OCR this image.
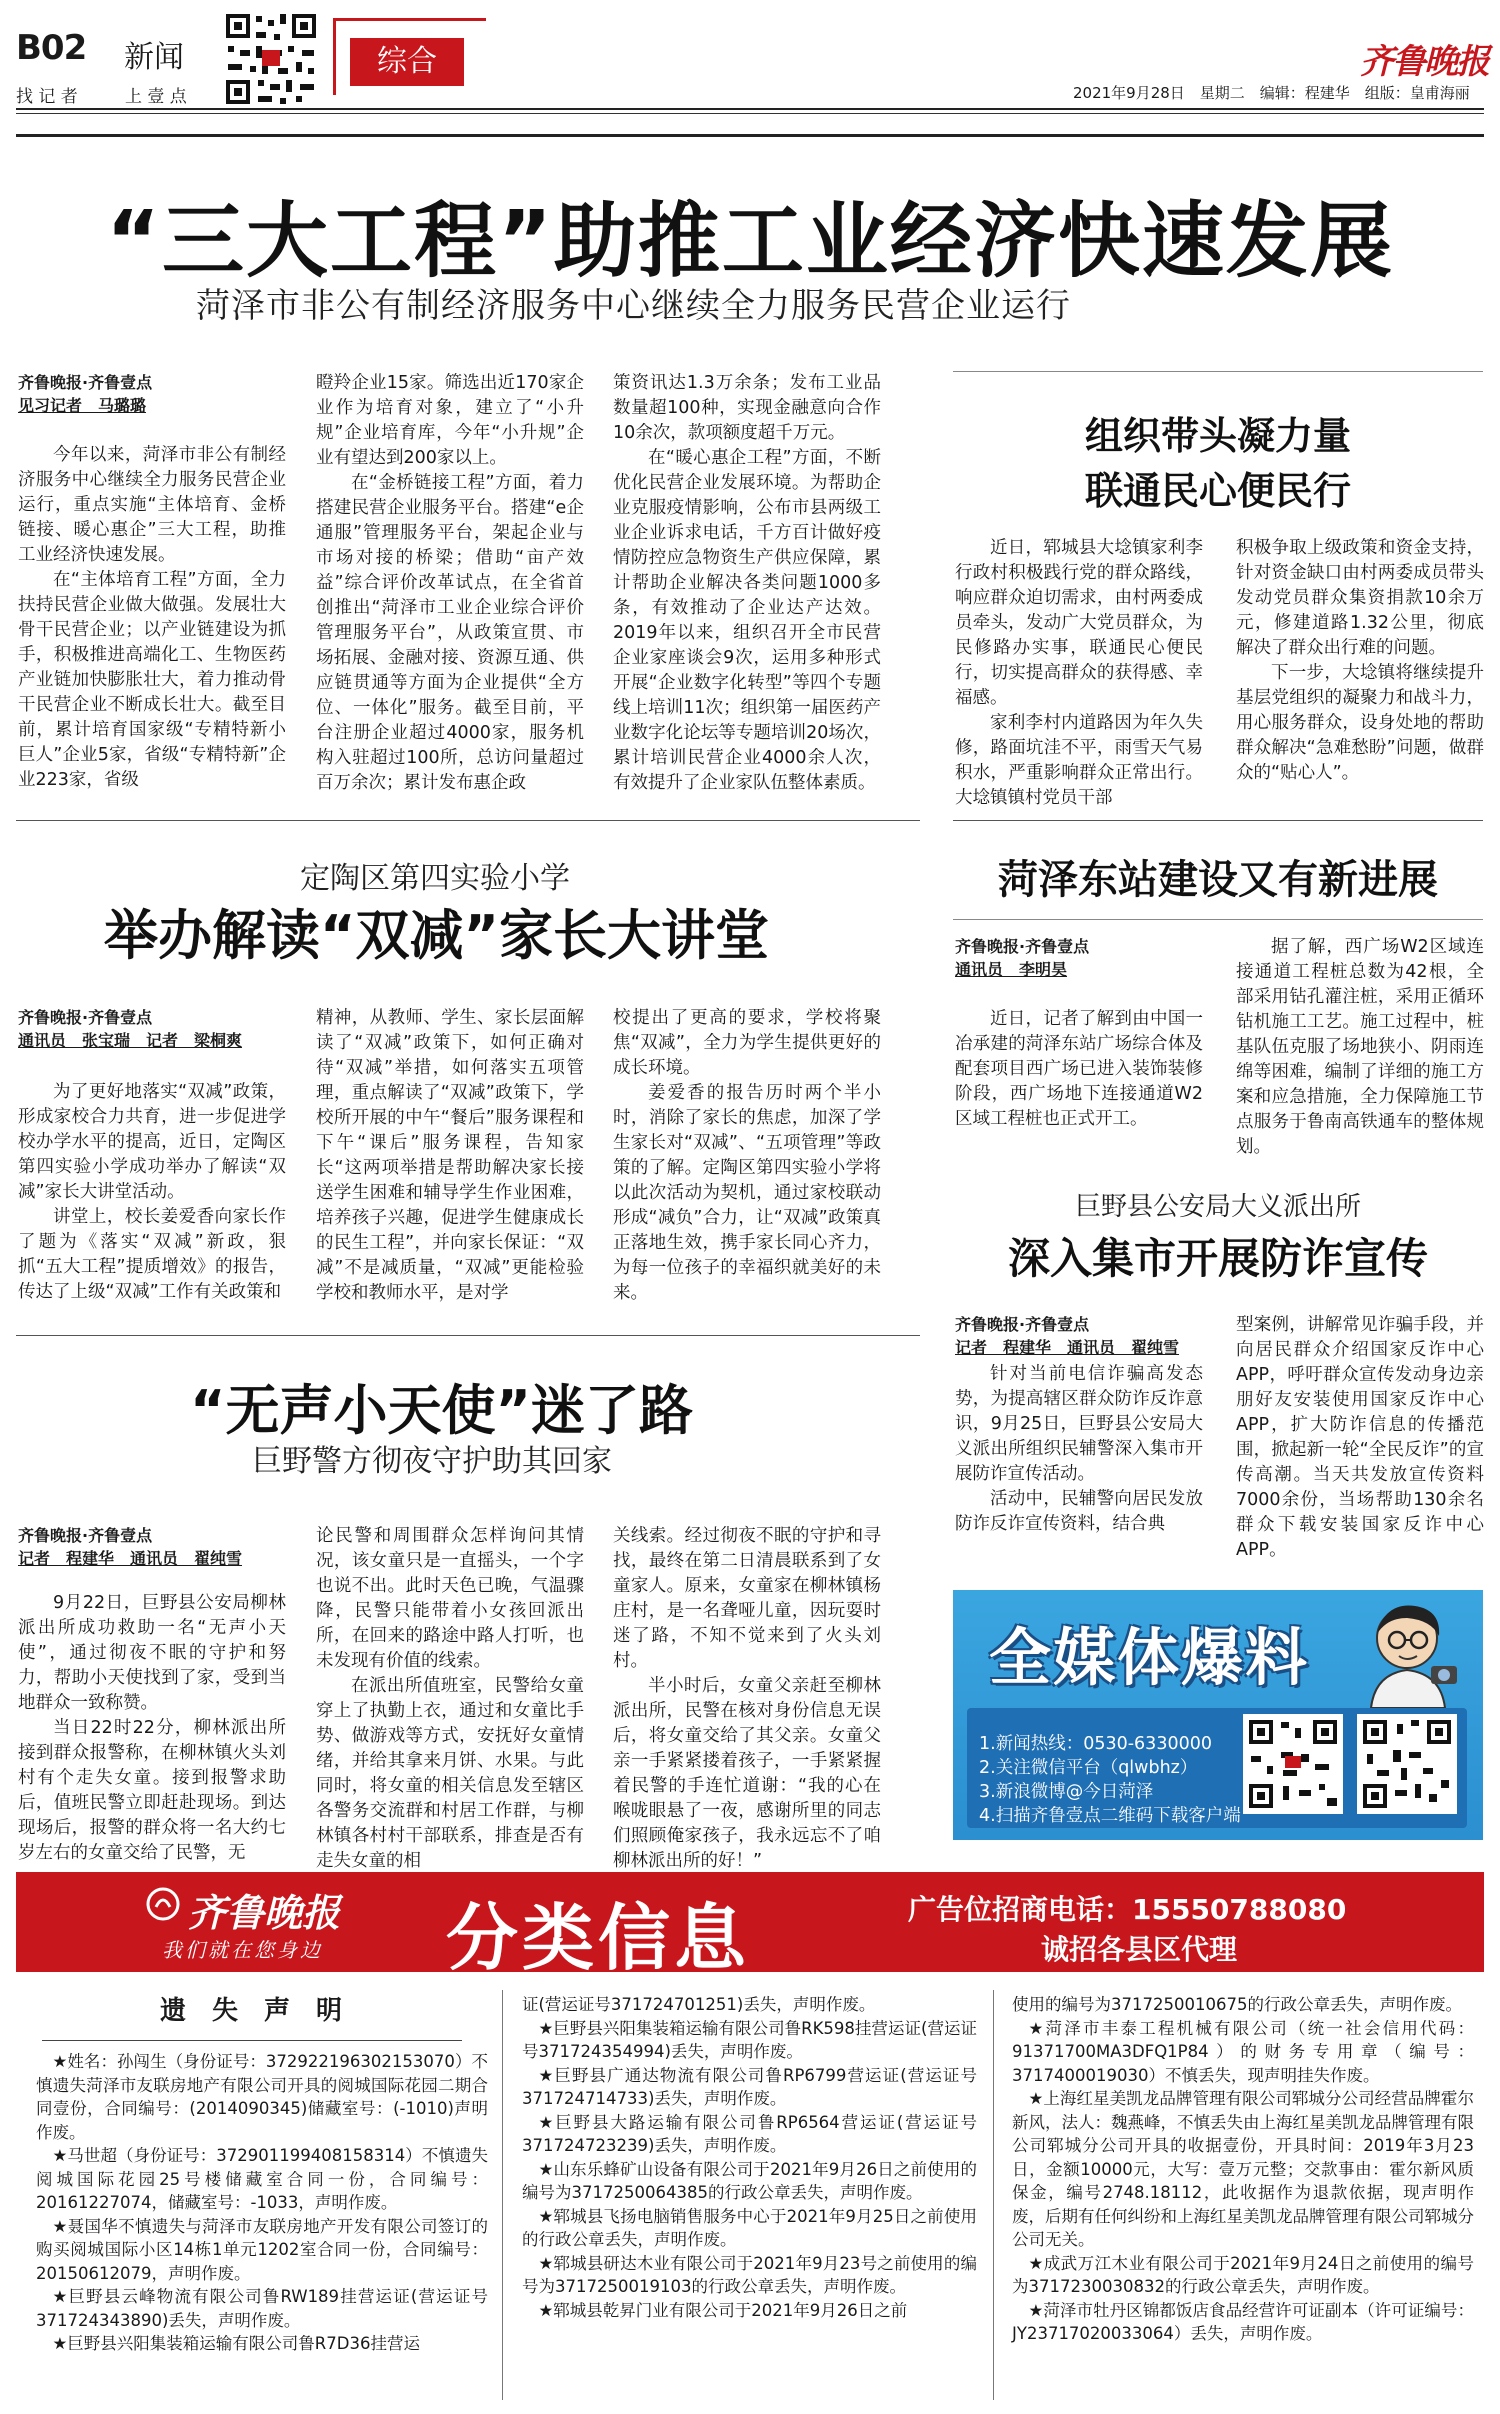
B02 新闻
找 记 者	上 壹 点
综合	齐鲁晚报
2021年9月28日　星期二　编辑：程建华　组版：皇甫海丽
“三大工程”助推工业经济快速发展
菏泽市非公有制经济服务中心继续全力服务民营企业运行
齐鲁晚报·齐鲁壹点
见习记者　马璐璐

今年以来，菏泽市非公有制经济服务中心继续全力服务民营企业运行，重点实施“主体培育、金桥链接、暖心惠企”三大工程，助推工业经济快速发展。

在“主体培育工程”方面，全力扶持民营企业做大做强。发展壮大骨干民营企业；以产业链建设为抓手，积极推进高端化工、生物医药产业链加快膨胀壮大，着力推动骨干民营企业不断成长壮大。截至目前，累计培育国家级“专精特新小巨人”企业5家，省级“专精特新”企业223家，省级

瞪羚企业15家。筛选出近170家企业作为培育对象，建立了“小升规”企业培育库，今年“小升规”企业有望达到200家以上。

在“金桥链接工程”方面，着力搭建民营企业服务平台。搭建“e企通服”管理服务平台，架起企业与市场对接的桥梁；借助“亩产效益”综合评价改革试点，在全省首创推出“菏泽市工业企业综合评价管理服务平台”，从政策宣贯、市场拓展、金融对接、资源互通、供应链贯通等方面为企业提供“全方位、一体化”服务。截至目前，平台注册企业超过4000家，服务机构入驻超过100所，总访问量超过百万余次；累计发布惠企政

策资讯达1.3万余条；发布工业品数量超100种，实现金融意向合作10余次，款项额度超千万元。

在“暖心惠企工程”方面，不断优化民营企业发展环境。为帮助企业克服疫情影响，公布市县两级工业企业诉求电话，千方百计做好疫情防控应急物资生产供应保障，累计帮助企业解决各类问题1000多条，有效推动了企业达产达效。2019年以来，组织召开全市民营企业家座谈会9次，运用多种形式开展“企业数字化转型”等四个专题线上培训11次；组织第一届医药产业数字化论坛等专题培训20场次，累计培训民营企业4000余人次，有效提升了企业家队伍整体素质。

组织带头凝力量
联通民心便民行

近日，郓城县大埝镇家利李行政村积极践行党的群众路线，响应群众迫切需求，由村两委成员牵头，发动广大党员群众，为民修路办实事，联通民心便民行，切实提高群众的获得感、幸福感。

家利李村内道路因为年久失修，路面坑洼不平，雨雪天气易积水，严重影响群众正常出行。大埝镇镇村党员干部

积极争取上级政策和资金支持，针对资金缺口由村两委成员带头发动党员群众集资捐款10余万元，修建道路1.32公里，彻底解决了群众出行难的问题。

下一步，大埝镇将继续提升基层党组织的凝聚力和战斗力，用心服务群众，设身处地的帮助群众解决“急难愁盼”问题，做群众的“贴心人”。

定陶区第四实验小学
举办解读“双减”家长大讲堂
齐鲁晚报·齐鲁壹点
通讯员　张宝瑞　记者　梁桐爽

为了更好地落实“双减”政策，形成家校合力共育，进一步促进学校办学水平的提高，近日，定陶区第四实验小学成功举办了解读“双减”家长大讲堂活动。

讲堂上，校长姜爱香向家长作了题为《落实“双减”新政，狠抓“五大工程”提质增效》的报告，传达了上级“双减”工作有关政策和

精神，从教师、学生、家长层面解读了“双减”政策下，如何正确对待“双减”举措，如何落实五项管理，重点解读了“双减”政策下，学校所开展的中午“餐后”服务课程和下午“课后”服务课程，告知家长“这两项举措是帮助解决家长接送学生困难和辅导学生作业困难，培养孩子兴趣，促进学生健康成长的民生工程”，并向家长保证：“双减”不是减质量，“双减”更能检验学校和教师水平，是对学

校提出了更高的要求，学校将聚焦“双减”，全力为学生提供更好的成长环境。

姜爱香的报告历时两个半小时，消除了家长的焦虑，加深了学生家长对“双减”、“五项管理”等政策的了解。定陶区第四实验小学将以此次活动为契机，通过家校联动形成“减负”合力，让“双减”政策真正落地生效，携手家长同心齐力，为每一位孩子的幸福织就美好的未来。

菏泽东站建设又有新进展
齐鲁晚报·齐鲁壹点
通讯员　李明昊

近日，记者了解到由中国一冶承建的菏泽东站广场综合体及配套项目西广场已进入装饰装修阶段，西广场地下连接通道W2区域工程桩也正式开工。

据了解，西广场W2区域连接通道工程桩总数为42根，全部采用钻孔灌注桩，采用正循环钻机施工工艺。施工过程中，桩基队伍克服了场地狭小、阴雨连绵等困难，编制了详细的施工方案和应急措施，全力保障施工节点服务于鲁南高铁通车的整体规划。

巨野县公安局大义派出所
深入集市开展防诈宣传
齐鲁晚报·齐鲁壹点
记者　程建华　通讯员　翟纯雪

针对当前电信诈骗高发态势，为提高辖区群众防诈反诈意识，9月25日，巨野县公安局大义派出所组织民辅警深入集市开展防诈宣传活动。

活动中，民辅警向居民发放防诈反诈宣传资料，结合典

型案例，讲解常见诈骗手段，并向居民群众介绍国家反诈中心APP，呼吁群众宣传发动身边亲朋好友安装使用国家反诈中心APP，扩大防诈信息的传播范围，掀起新一轮“全民反诈”的宣传高潮。当天共发放宣传资料7000余份，当场帮助130余名群众下载安装国家反诈中心APP。

“无声小天使”迷了路
巨野警方彻夜守护助其回家
齐鲁晚报·齐鲁壹点
记者　程建华　通讯员　翟纯雪

9月22日，巨野县公安局柳林派出所成功救助一名“无声小天使”，通过彻夜不眠的守护和努力，帮助小天使找到了家，受到当地群众一致称赞。

当日22时22分，柳林派出所接到群众报警称，在柳林镇火头刘村有个走失女童。接到报警求助后，值班民警立即赶赴现场。到达现场后，报警的群众将一名大约七岁左右的女童交给了民警，无

论民警和周围群众怎样询问其情况，该女童只是一直摇头，一个字也说不出。此时天色已晚，气温骤降，民警只能带着小女孩回派出所，在回来的路途中路人打听，也未发现有价值的线索。

在派出所值班室，民警给女童穿上了执勤上衣，通过和女童比手势、做游戏等方式，安抚好女童情绪，并给其拿来月饼、水果。与此同时，将女童的相关信息发至辖区各警务交流群和村居工作群，与柳林镇各村村干部联系，排查是否有走失女童的相

关线索。经过彻夜不眠的守护和寻找，最终在第二日清晨联系到了女童家人。原来，女童家在柳林镇杨庄村，是一名聋哑儿童，因玩耍时迷了路，不知不觉来到了火头刘村。

半小时后，女童父亲赶至柳林派出所，民警在核对身份信息无误后，将女童交给了其父亲。女童父亲一手紧紧搂着孩子，一手紧紧握着民警的手连忙道谢：“我的心在喉咙眼悬了一夜，感谢所里的同志们照顾俺家孩子，我永远忘不了咱柳林派出所的好！”

全媒体爆料
1.新闻热线：0530-6330000
2.关注微信平台（qlwbhz）
3.新浪微博@今日菏泽
4.扫描齐鲁壹点二维码下载客户端
齐鲁晚报
我们就在您身边 分类信息	广告位招商电话：15550788080
诚招各县区代理
遗　失　声　明

★姓名：孙闯生（身份证号：372922196302153070）不慎遗失菏泽市友联房地产有限公司开具的阅城国际花园二期合同壹份，合同编号：(2014090345)储藏室号：(-1010)声明作废。

★马世超（身份证号：372901199408158314）不慎遗失阅城国际花园25号楼储藏室合同一份，合同编号：20161227074，储藏室号：-1033，声明作废。

★聂国华不慎遗失与菏泽市友联房地产开发有限公司签订的购买阅城国际小区14栋1单元1202室合同一份，合同编号：20150612079，声明作废。

★巨野县云峰物流有限公司鲁RW189挂营运证(营运证号371724343890)丢失，声明作废。

★巨野县兴阳集装箱运输有限公司鲁R7D36挂营运

证(营运证号371724701251)丢失，声明作废。

★巨野县兴阳集装箱运输有限公司鲁RK598挂营运证(营运证号371724354994)丢失，声明作废。

★巨野县广通达物流有限公司鲁RP6799营运证(营运证号371724714733)丢失，声明作废。

★巨野县大路运输有限公司鲁RP6564营运证(营运证号371724723239)丢失，声明作废。

★山东乐蜂矿山设备有限公司于2021年9月26日之前使用的编号为3717250064385的行政公章丢失，声明作废。

★郓城县飞扬电脑销售服务中心于2021年9月25日之前使用的行政公章丢失，声明作废。

★郓城县研达木业有限公司于2021年9月23号之前使用的编号为3717250019103的行政公章丢失，声明作废。

★郓城县乾昇门业有限公司于2021年9月26日之前

使用的编号为3717250010675的行政公章丢失，声明作废。

★菏泽市丰泰工程机械有限公司（统一社会信用代码：91371700MA3DFQ1P84）的财务专用章（编号：3717400019030）不慎丢失，现声明挂失作废。

★上海红星美凯龙品牌管理有限公司郓城分公司经营品牌霍尔新风，法人：魏燕峰，不慎丢失由上海红星美凯龙品牌管理有限公司郓城分公司开具的收据壹份，开具时间：2019年3月23日，金额10000元，大写：壹万元整；交款事由：霍尔新风质保金，编号2748.18112，此收据作为退款依据，现声明作废，后期有任何纠纷和上海红星美凯龙品牌管理有限公司郓城分公司无关。

★成武万江木业有限公司于2021年9月24日之前使用的编号为3717230030832的行政公章丢失，声明作废。

★菏泽市牡丹区锦都饭店食品经营许可证副本（许可证编号：JY23717020033064）丢失，声明作废。
